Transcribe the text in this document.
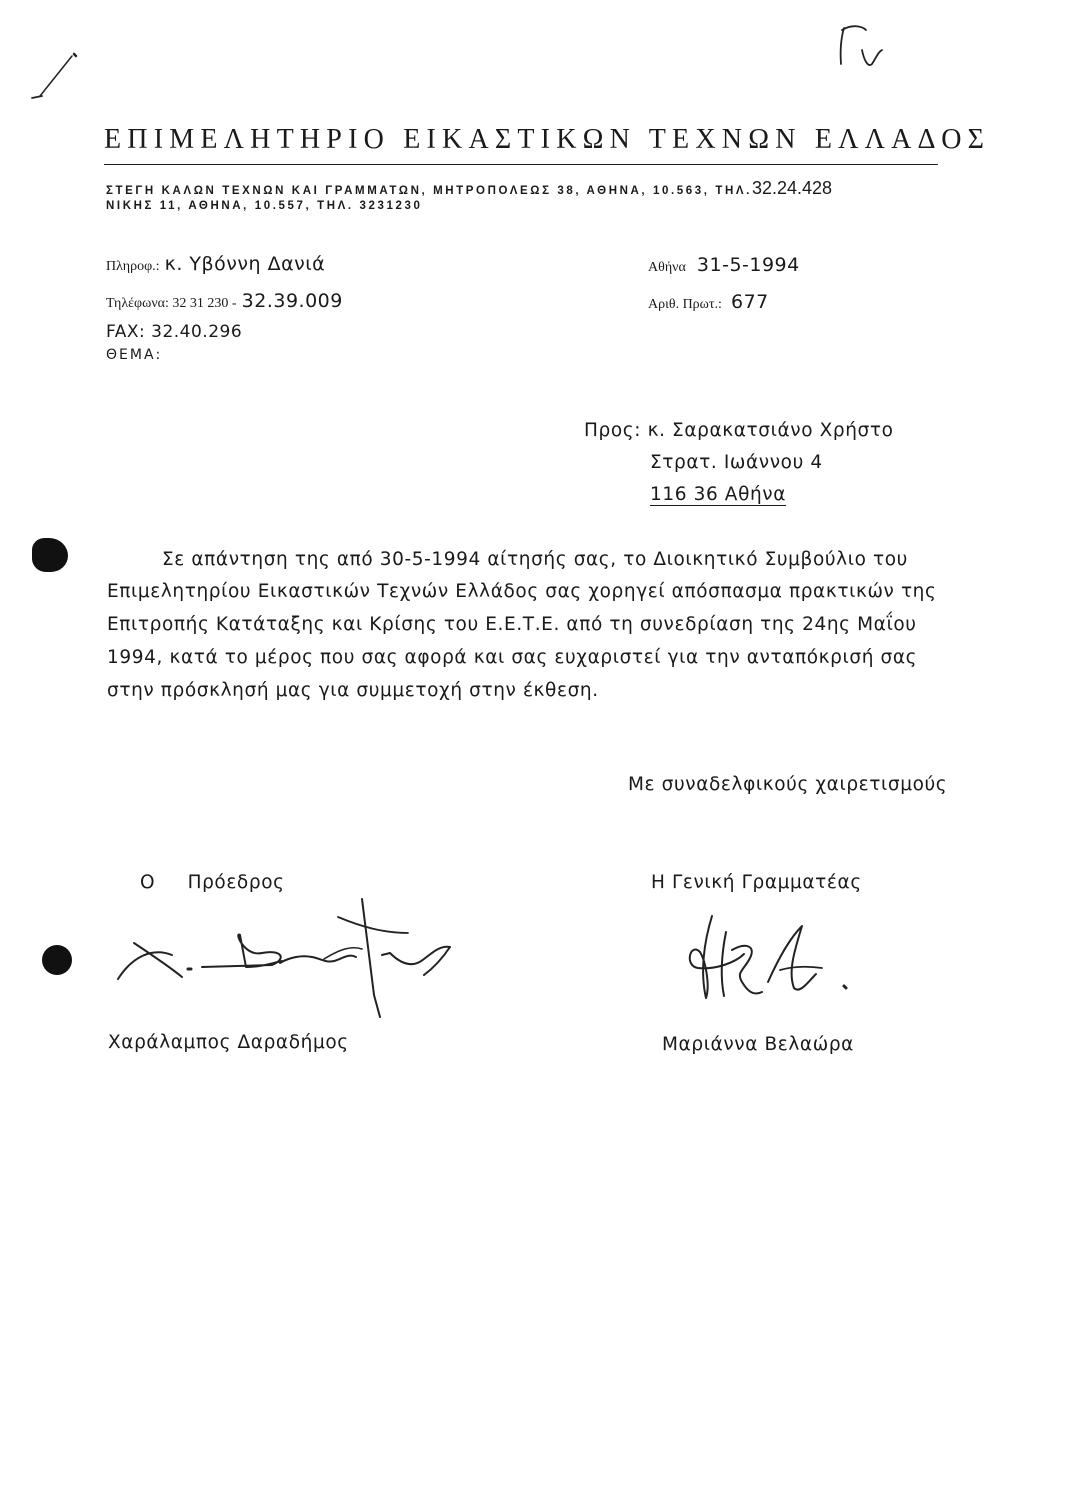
ΕΠΙΜΕΛΗΤΗΡΙΟ ΕΙΚΑΣΤΙΚΩΝ ΤΕΧΝΩΝ ΕΛΛΑΔΟΣ
ΣΤΕΓΗ ΚΑΛΩΝ ΤΕΧΝΩΝ ΚΑΙ ΓΡΑΜΜΑΤΩΝ, ΜΗΤΡΟΠΟΛΕΩΣ 38, ΑΘΗΝΑ, 10.563, ΤΗΛ.32.24.428
ΝΙΚΗΣ 11, ΑΘΗΝΑ, 10.557, ΤΗΛ. 3231230
Πληροφ.: κ. Υβόννη Δανιά
Τηλέφωνα: 32 31 230 - 32.39.009
FAX: 32.40.296
ΘΕΜΑ:
Αθήνα 31-5-1994
Αριθ. Πρωτ.: 677
Προς: κ. Σαρακατσιάνο Χρήστο
Στρατ. Ιωάννου 4
116 36 Αθήνα
Σε απάντηση της από 30-5-1994 αίτησής σας, το Διοικητικό Συμβούλιο του
Επιμελητηρίου Εικαστικών Τεχνών Ελλάδος σας χορηγεί απόσπασμα πρακτικών της
Επιτροπής Κατάταξης και Κρίσης του Ε.Ε.Τ.Ε. από τη συνεδρίαση της 24ης Μαΐου
1994, κατά το μέρος που σας αφορά και σας ευχαριστεί για την ανταπόκρισή σας
στην πρόσκλησή μας για συμμετοχή στην έκθεση.
Με συναδελφικούς χαιρετισμούς
Ο     Πρόεδρος	Η Γενική Γραμματέας
Χαράλαμπος Δαραδήμος	Μαριάννα Βελαώρα
